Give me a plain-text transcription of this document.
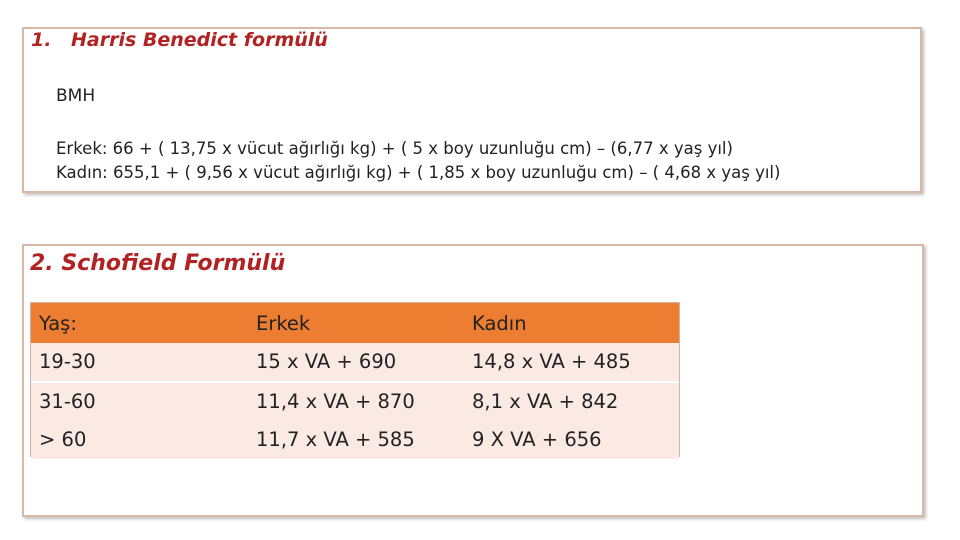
1. Harris Benedict formülü
BMH
Erkek: 66 + ( 13,75 x vücut ağırlığı kg) + ( 5 x boy uzunluğu cm) – (6,77 x yaş yıl)
Kadın: 655,1 + ( 9,56 x vücut ağırlığı kg) + ( 1,85 x boy uzunluğu cm) – ( 4,68 x yaş yıl)
2. Schofield Formülü
Yaş:	Erkek	Kadın
19-30	15 x VA + 690	14,8 x VA + 485
31-60	11,4 x VA + 870	8,1 x VA + 842
> 60	11,7 x VA + 585	9 X VA + 656
